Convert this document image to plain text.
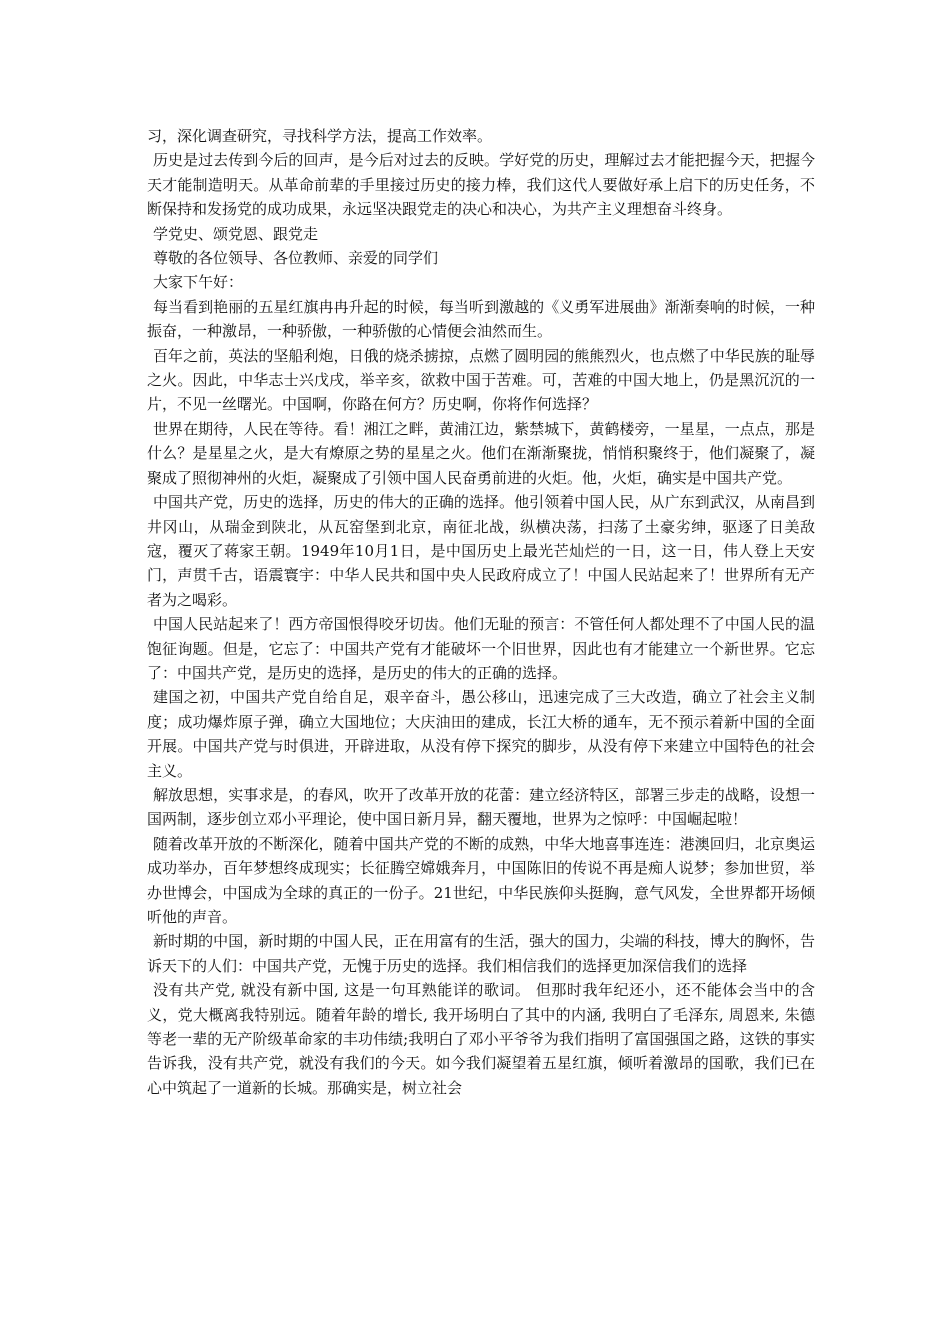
习，深化调查研究，寻找科学方法，提高工作效率。

历史是过去传到今后的回声，是今后对过去的反映。学好党的历史，理解过去才能把握今天，把握今天才能制造明天。从革命前辈的手里接过历史的接力棒，我们这代人要做好承上启下的历史任务，不断保持和发扬党的成功成果，永远坚决跟党走的决心和决心，为共产主义理想奋斗终身。

学党史、颂党恩、跟党走

尊敬的各位领导、各位教师、亲爱的同学们

大家下午好：

每当看到艳丽的五星红旗冉冉升起的时候，每当听到激越的《义勇军进展曲》渐渐奏响的时候，一种振奋，一种激昂，一种骄傲，一种骄傲的心情便会油然而生。

百年之前，英法的坚船利炮，日俄的烧杀掳掠，点燃了圆明园的熊熊烈火，也点燃了中华民族的耻辱之火。因此，中华志士兴戊戌，举辛亥，欲救中国于苦难。可，苦难的中国大地上，仍是黑沉沉的一片，不见一丝曙光。中国啊，你路在何方？历史啊，你将作何选择？

世界在期待，人民在等待。看！湘江之畔，黄浦江边，紫禁城下，黄鹤楼旁，一星星，一点点，那是什么？是星星之火，是大有燎原之势的星星之火。他们在渐渐聚拢，悄悄积聚终于，他们凝聚了，凝聚成了照彻神州的火炬，凝聚成了引领中国人民奋勇前进的火炬。他，火炬，确实是中国共产党。

中国共产党，历史的选择，历史的伟大的正确的选择。他引领着中国人民，从广东到武汉，从南昌到井冈山，从瑞金到陕北，从瓦窑堡到北京，南征北战，纵横决荡，扫荡了土豪劣绅，驱逐了日美敌寇，覆灭了蒋家王朝。1949年10月1日，是中国历史上最光芒灿烂的一日，这一日，伟人登上天安门，声贯千古，语震寰宇：中华人民共和国中央人民政府成立了！中国人民站起来了！世界所有无产者为之喝彩。

中国人民站起来了！西方帝国恨得咬牙切齿。他们无耻的预言：不管任何人都处理不了中国人民的温饱征询题。但是，它忘了：中国共产党有才能破坏一个旧世界，因此也有才能建立一个新世界。它忘了：中国共产党，是历史的选择，是历史的伟大的正确的选择。

建国之初，中国共产党自给自足，艰辛奋斗，愚公移山，迅速完成了三大改造，确立了社会主义制度；成功爆炸原子弹，确立大国地位；大庆油田的建成，长江大桥的通车，无不预示着新中国的全面开展。中国共产党与时俱进，开辟进取，从没有停下探究的脚步，从没有停下来建立中国特色的社会主义。

解放思想，实事求是，的春风，吹开了改革开放的花蕾：建立经济特区，部署三步走的战略，设想一国两制，逐步创立邓小平理论，使中国日新月异，翻天覆地，世界为之惊呼：中国崛起啦！

随着改革开放的不断深化，随着中国共产党的不断的成熟，中华大地喜事连连：港澳回归，北京奥运成功举办，百年梦想终成现实；长征腾空嫦娥奔月，中国陈旧的传说不再是痴人说梦；参加世贸，举办世博会，中国成为全球的真正的一份子。21世纪，中华民族仰头挺胸，意气风发，全世界都开场倾听他的声音。

新时期的中国，新时期的中国人民，正在用富有的生活，强大的国力，尖端的科技，博大的胸怀，告诉天下的人们：中国共产党，无愧于历史的选择。我们相信我们的选择更加深信我们的选择

没有共产党, 就没有新中国, 这是一句耳熟能详的歌词。 但那时我年纪还小，还不能体会当中的含义，党大概离我特别远。随着年龄的增长, 我开场明白了其中的内涵, 我明白了毛泽东, 周恩来, 朱德等老一辈的无产阶级革命家的丰功伟绩;我明白了邓小平爷爷为我们指明了富国强国之路，这铁的事实告诉我，没有共产党，就没有我们的今天。如今我们凝望着五星红旗，倾听着激昂的国歌，我们已在心中筑起了一道新的长城。那确实是，树立社会
